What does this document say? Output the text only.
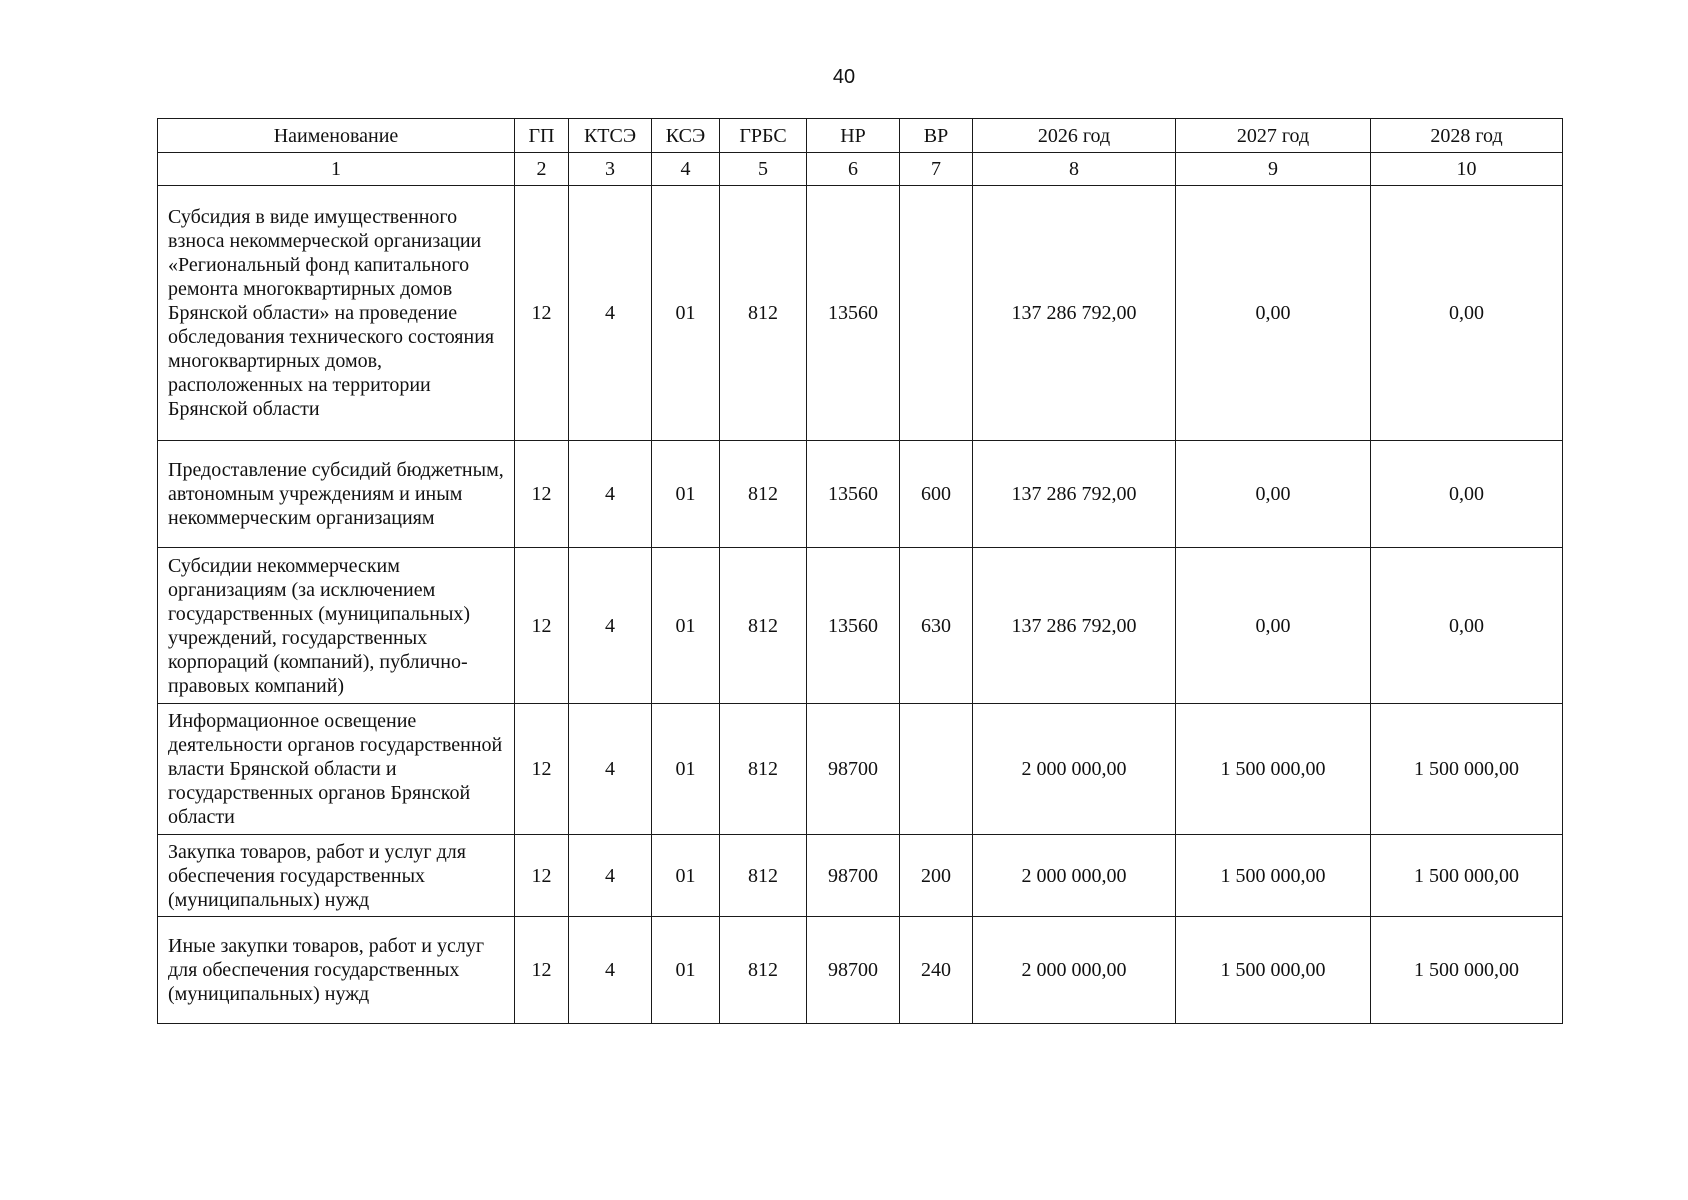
40
Наименование	ГП	КТСЭ	КСЭ	ГРБС	НР	ВР	2026 год	2027 год	2028 год
1	2	3	4	5	6	7	8	9	10
Субсидия в виде имущественного взноса некоммерческой организации «Региональный фонд капитального ремонта многоквартирных домов Брянской области» на проведение обследования технического состояния многоквартирных домов, расположенных на территории Брянской области	12	4	01	812	13560		137 286 792,00	0,00	0,00
Предоставление субсидий бюджетным, автономным учреждениям и иным некоммерческим организациям	12	4	01	812	13560	600	137 286 792,00	0,00	0,00
Субсидии некоммерческим организациям (за исключением государственных (муниципальных) учреждений, государственных корпораций (компаний), публично-правовых компаний)	12	4	01	812	13560	630	137 286 792,00	0,00	0,00
Информационное освещение деятельности органов государственной власти Брянской области и государственных органов Брянской области	12	4	01	812	98700		2 000 000,00	1 500 000,00	1 500 000,00
Закупка товаров, работ и услуг для обеспечения государственных (муниципальных) нужд	12	4	01	812	98700	200	2 000 000,00	1 500 000,00	1 500 000,00
Иные закупки товаров, работ и услуг для обеспечения государственных (муниципальных) нужд	12	4	01	812	98700	240	2 000 000,00	1 500 000,00	1 500 000,00
